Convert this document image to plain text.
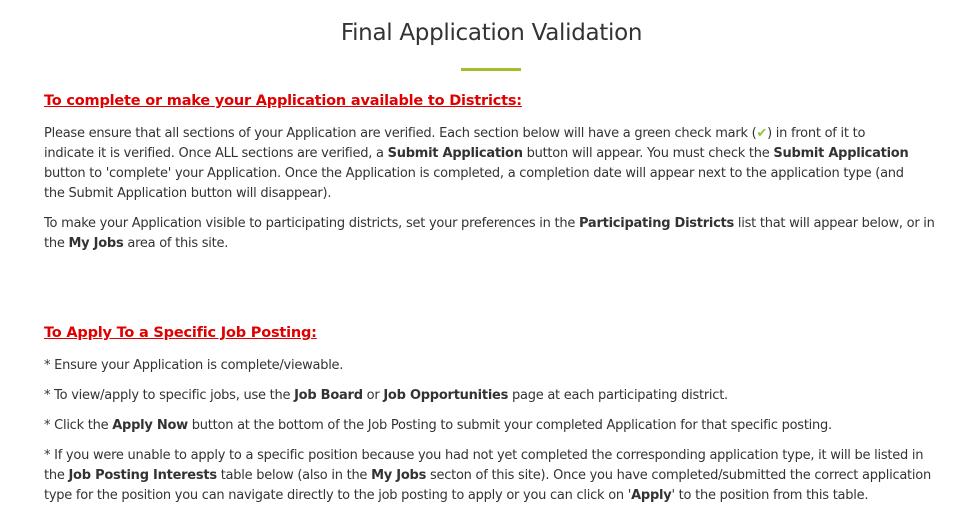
Final Application Validation
To complete or make your Application available to Districts:
Please ensure that all sections of your Application are verified. Each section below will have a green check mark (✔) in front of it to
indicate it is verified. Once ALL sections are verified, a Submit Application button will appear. You must check the Submit Application
button to 'complete' your Application. Once the Application is completed, a completion date will appear next to the application type (and
the Submit Application button will disappear).
To make your Application visible to participating districts, set your preferences in the Participating Districts list that will appear below, or in
the My Jobs area of this site.
To Apply To a Specific Job Posting:
* Ensure your Application is complete/viewable.
* To view/apply to specific jobs, use the Job Board or Job Opportunities page at each participating district.
* Click the Apply Now button at the bottom of the Job Posting to submit your completed Application for that specific posting.
* If you were unable to apply to a specific position because you had not yet completed the corresponding application type, it will be listed in
the Job Posting Interests table below (also in the My Jobs secton of this site). Once you have completed/submitted the correct application
type for the position you can navigate directly to the job posting to apply or you can click on 'Apply' to the position from this table.
